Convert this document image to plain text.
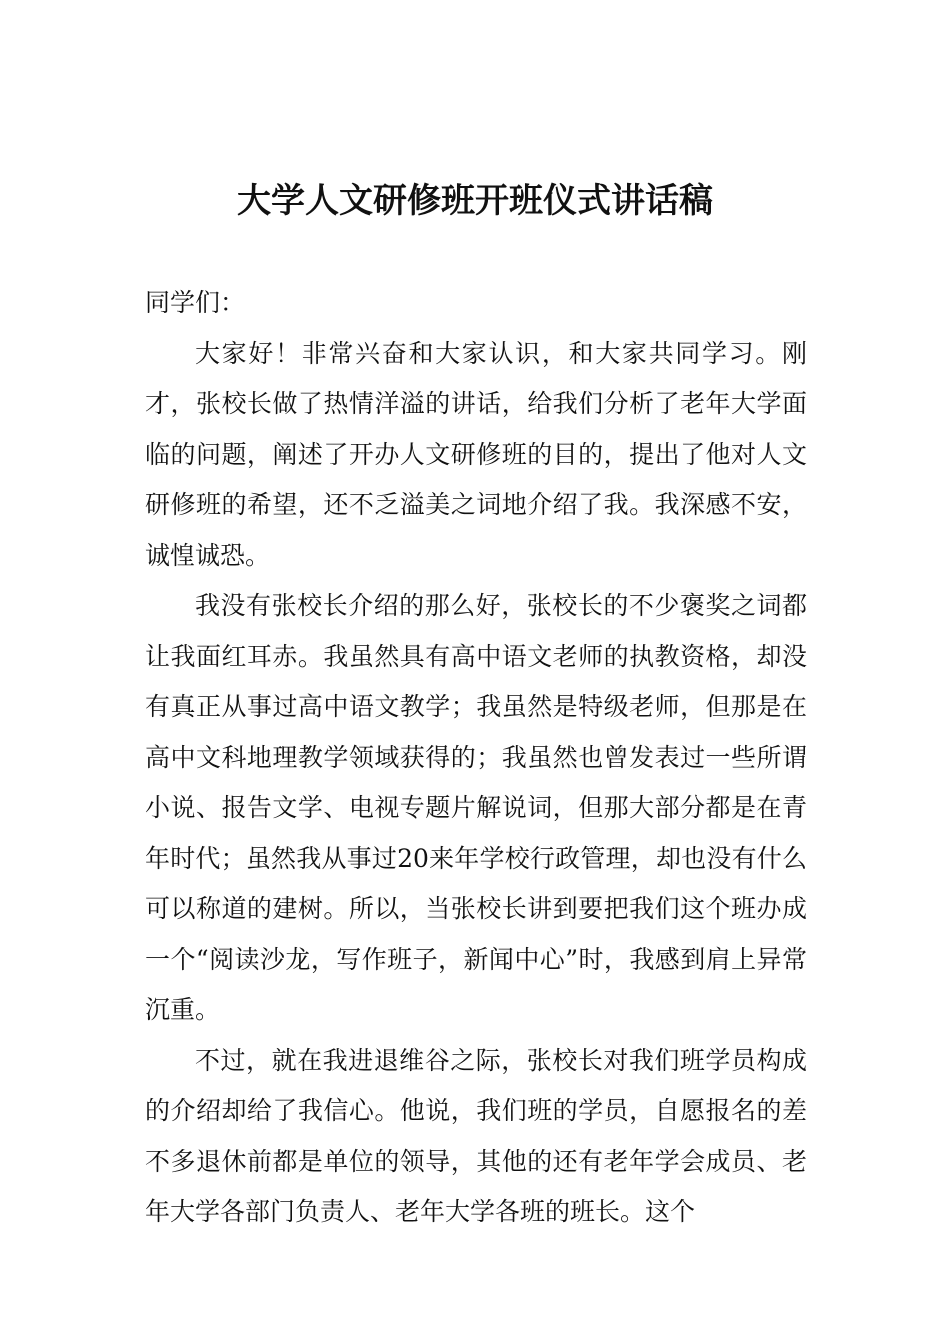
大学人文研修班开班仪式讲话稿

同学们：

大家好！非常兴奋和大家认识，和大家共同学习。刚才，张校长做了热情洋溢的讲话，给我们分析了老年大学面临的问题，阐述了开办人文研修班的目的，提出了他对人文研修班的希望，还不乏溢美之词地介绍了我。我深感不安，诚惶诚恐。

我没有张校长介绍的那么好，张校长的不少褒奖之词都让我面红耳赤。我虽然具有高中语文老师的执教资格，却没有真正从事过高中语文教学；我虽然是特级老师，但那是在高中文科地理教学领域获得的；我虽然也曾发表过一些所谓小说、报告文学、电视专题片解说词，但那大部分都是在青年时代；虽然我从事过20来年学校行政管理，却也没有什么可以称道的建树。所以，当张校长讲到要把我们这个班办成一个“阅读沙龙，写作班子，新闻中心”时，我感到肩上异常沉重。

不过，就在我进退维谷之际，张校长对我们班学员构成的介绍却给了我信心。他说，我们班的学员，自愿报名的差不多退休前都是单位的领导，其他的还有老年学会成员、老年大学各部门负责人、老年大学各班的班长。这个
